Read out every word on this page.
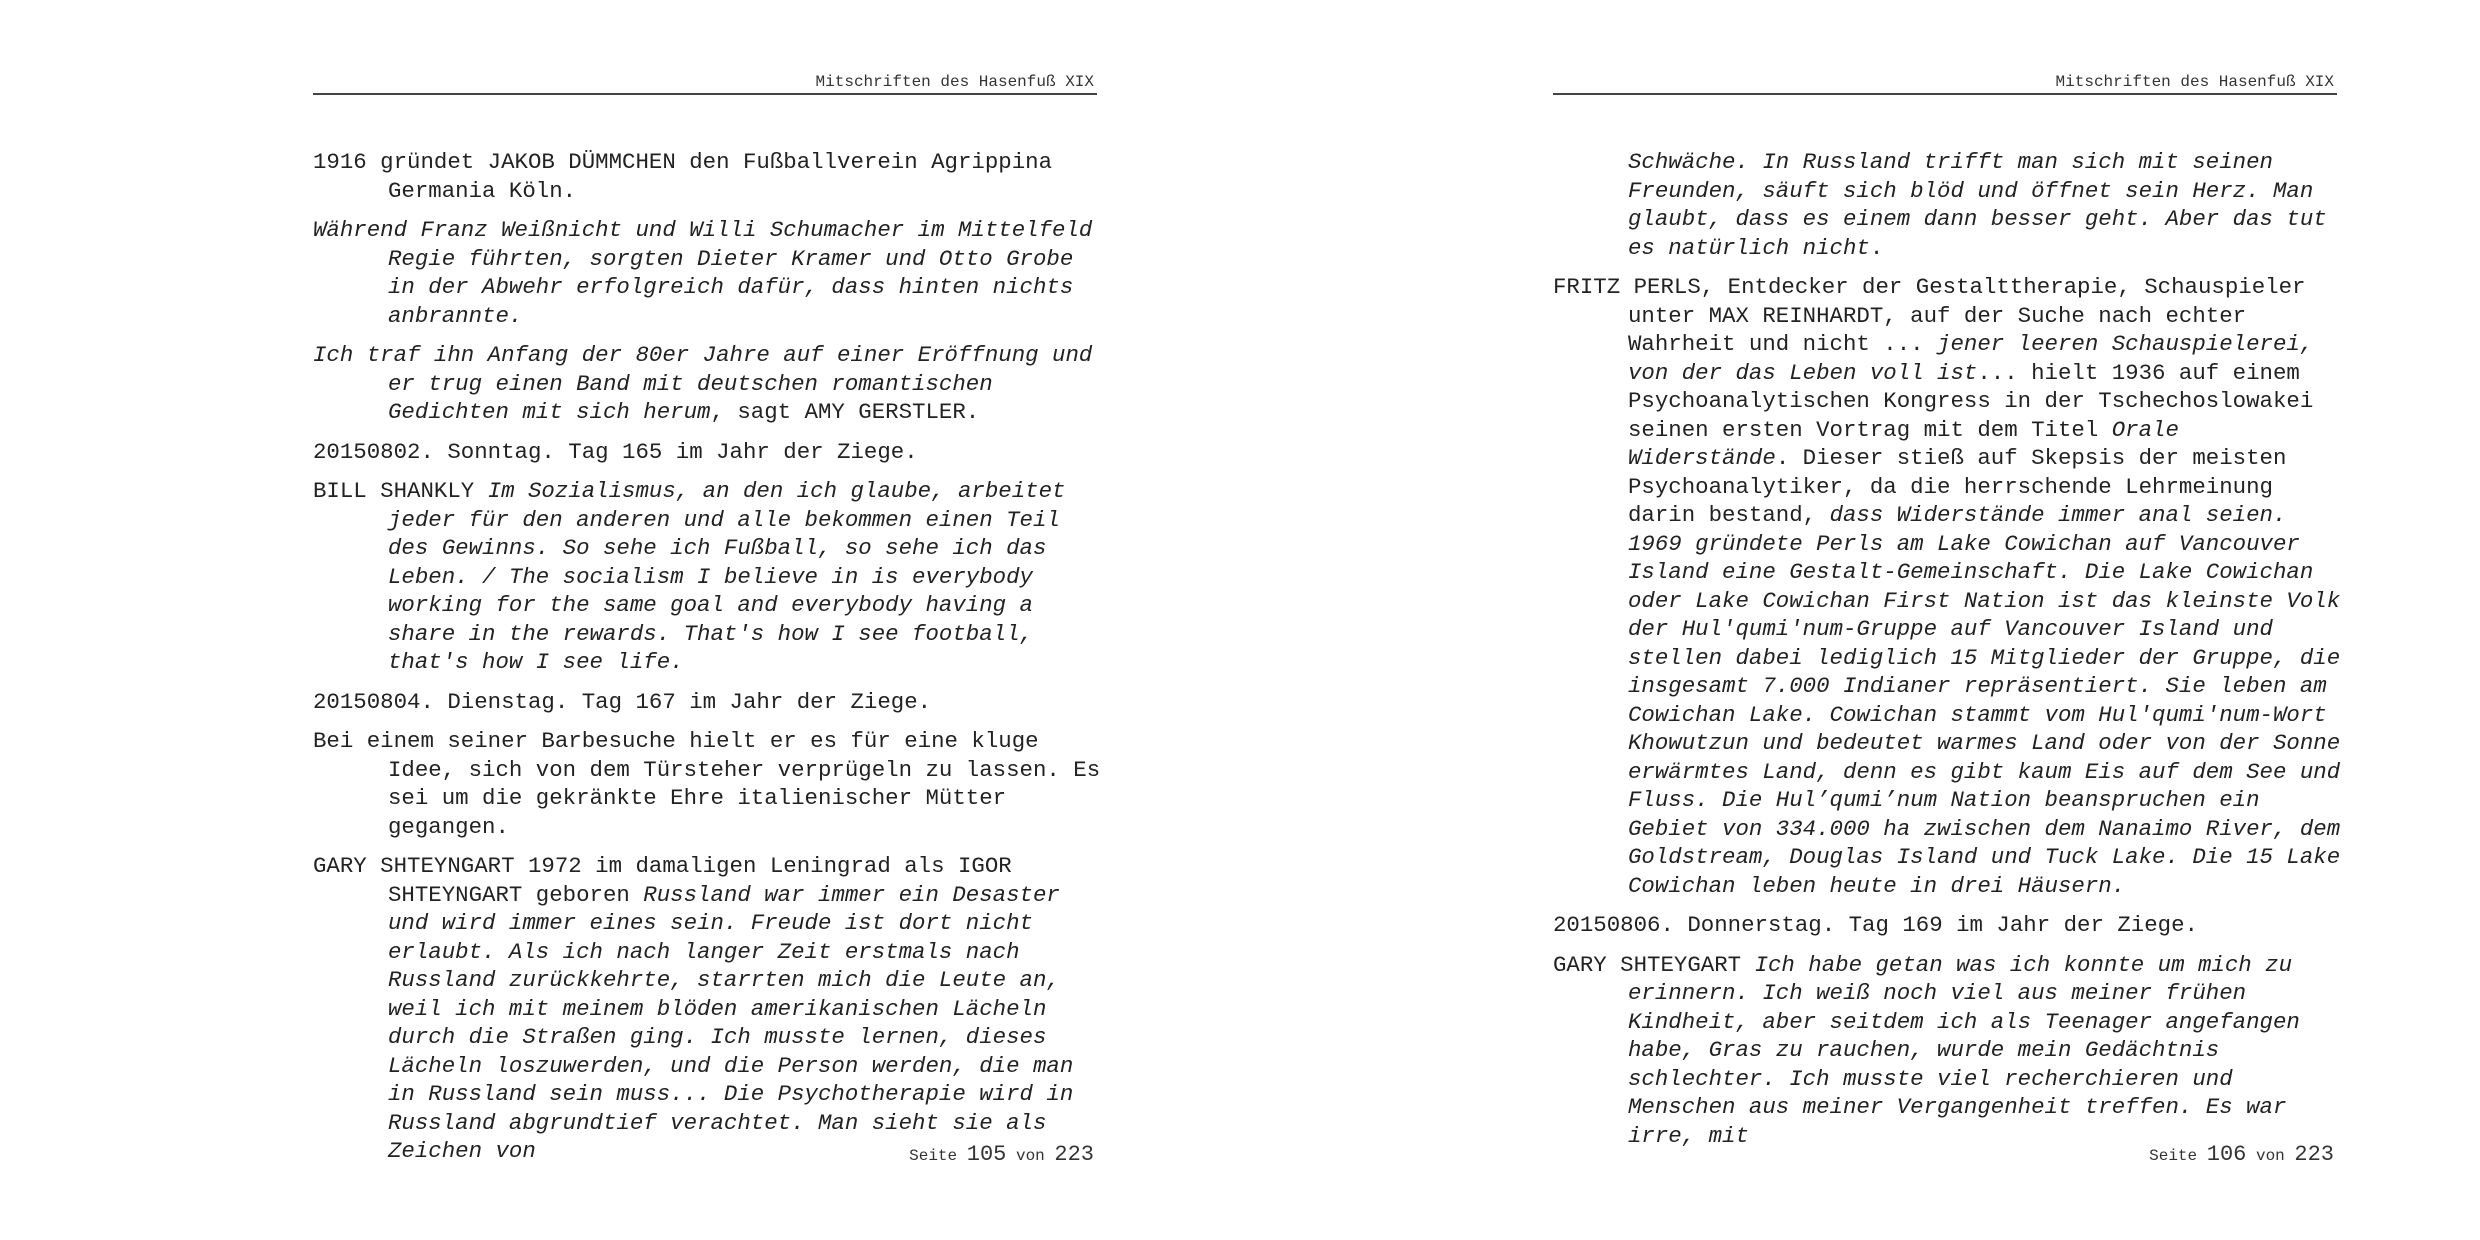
Mitschriften des Hasenfuß XIX

1916 gründet JAKOB DÜMMCHEN den Fußballverein Agrippina Germania Köln.

Während Franz Weißnicht und Willi Schumacher im Mittelfeld Regie führten, sorgten Dieter Kramer und Otto Grobe in der Abwehr erfolgreich dafür, dass hinten nichts anbrannte.

Ich traf ihn Anfang der 80er Jahre auf einer Eröffnung und er trug einen Band mit deutschen romantischen Gedichten mit sich herum, sagt AMY GERSTLER.

20150802. Sonntag. Tag 165 im Jahr der Ziege.

BILL SHANKLY Im Sozialismus, an den ich glaube, arbeitet jeder für den anderen und alle bekommen einen Teil des Gewinns. So sehe ich Fußball, so sehe ich das Leben. / The socialism I believe in is everybody working for the same goal and everybody having a share in the rewards. That's how I see football, that's how I see life.

20150804. Dienstag. Tag 167 im Jahr der Ziege.

Bei einem seiner Barbesuche hielt er es für eine kluge Idee, sich von dem Türsteher verprügeln zu lassen. Es sei um die gekränkte Ehre italienischer Mütter gegangen.

GARY SHTEYNGART 1972 im damaligen Leningrad als IGOR SHTEYNGART geboren Russland war immer ein Desaster und wird immer eines sein. Freude ist dort nicht erlaubt. Als ich nach langer Zeit erstmals nach Russland zurückkehrte, starrten mich die Leute an, weil ich mit meinem blöden amerikanischen Lächeln durch die Straßen ging. Ich musste lernen, dieses Lächeln loszuwerden, und die Person werden, die man in Russland sein muss... Die Psychotherapie wird in Russland abgrundtief verachtet. Man sieht sie als Zeichen von	Seite 105 von 223
Mitschriften des Hasenfuß XIX

Schwäche. In Russland trifft man sich mit seinen Freunden, säuft sich blöd und öffnet sein Herz. Man glaubt, dass es einem dann besser geht. Aber das tut es natürlich nicht.

FRITZ PERLS, Entdecker der Gestalttherapie, Schauspieler unter MAX REINHARDT, auf der Suche nach echter Wahrheit und nicht ... jener leeren Schauspielerei, von der das Leben voll ist... hielt 1936 auf einem Psychoanalytischen Kongress in der Tschechoslowakei seinen ersten Vortrag mit dem Titel Orale Widerstände. Dieser stieß auf Skepsis der meisten Psychoanalytiker, da die herrschende Lehrmeinung darin bestand, dass Widerstände immer anal seien. 1969 gründete Perls am Lake Cowichan auf Vancouver Island eine Gestalt-Gemeinschaft. Die Lake Cowichan oder Lake Cowichan First Nation ist das kleinste Volk der Hul'qumi'num-Gruppe auf Vancouver Island und stellen dabei lediglich 15 Mitglieder der Gruppe, die insgesamt 7.000 Indianer repräsentiert. Sie leben am Cowichan Lake. Cowichan stammt vom Hul'qumi'num-Wort Khowutzun und bedeutet warmes Land oder von der Sonne erwärmtes Land, denn es gibt kaum Eis auf dem See und Fluss. Die Hul’qumi’num Nation beanspruchen ein Gebiet von 334.000 ha zwischen dem Nanaimo River, dem Goldstream, Douglas Island und Tuck Lake. Die 15 Lake Cowichan leben heute in drei Häusern.

20150806. Donnerstag. Tag 169 im Jahr der Ziege.

GARY SHTEYGART Ich habe getan was ich konnte um mich zu erinnern. Ich weiß noch viel aus meiner frühen Kindheit, aber seitdem ich als Teenager angefangen habe, Gras zu rauchen, wurde mein Gedächtnis schlechter. Ich musste viel recherchieren und Menschen aus meiner Vergangenheit treffen. Es war irre, mit

Seite 106 von 223
